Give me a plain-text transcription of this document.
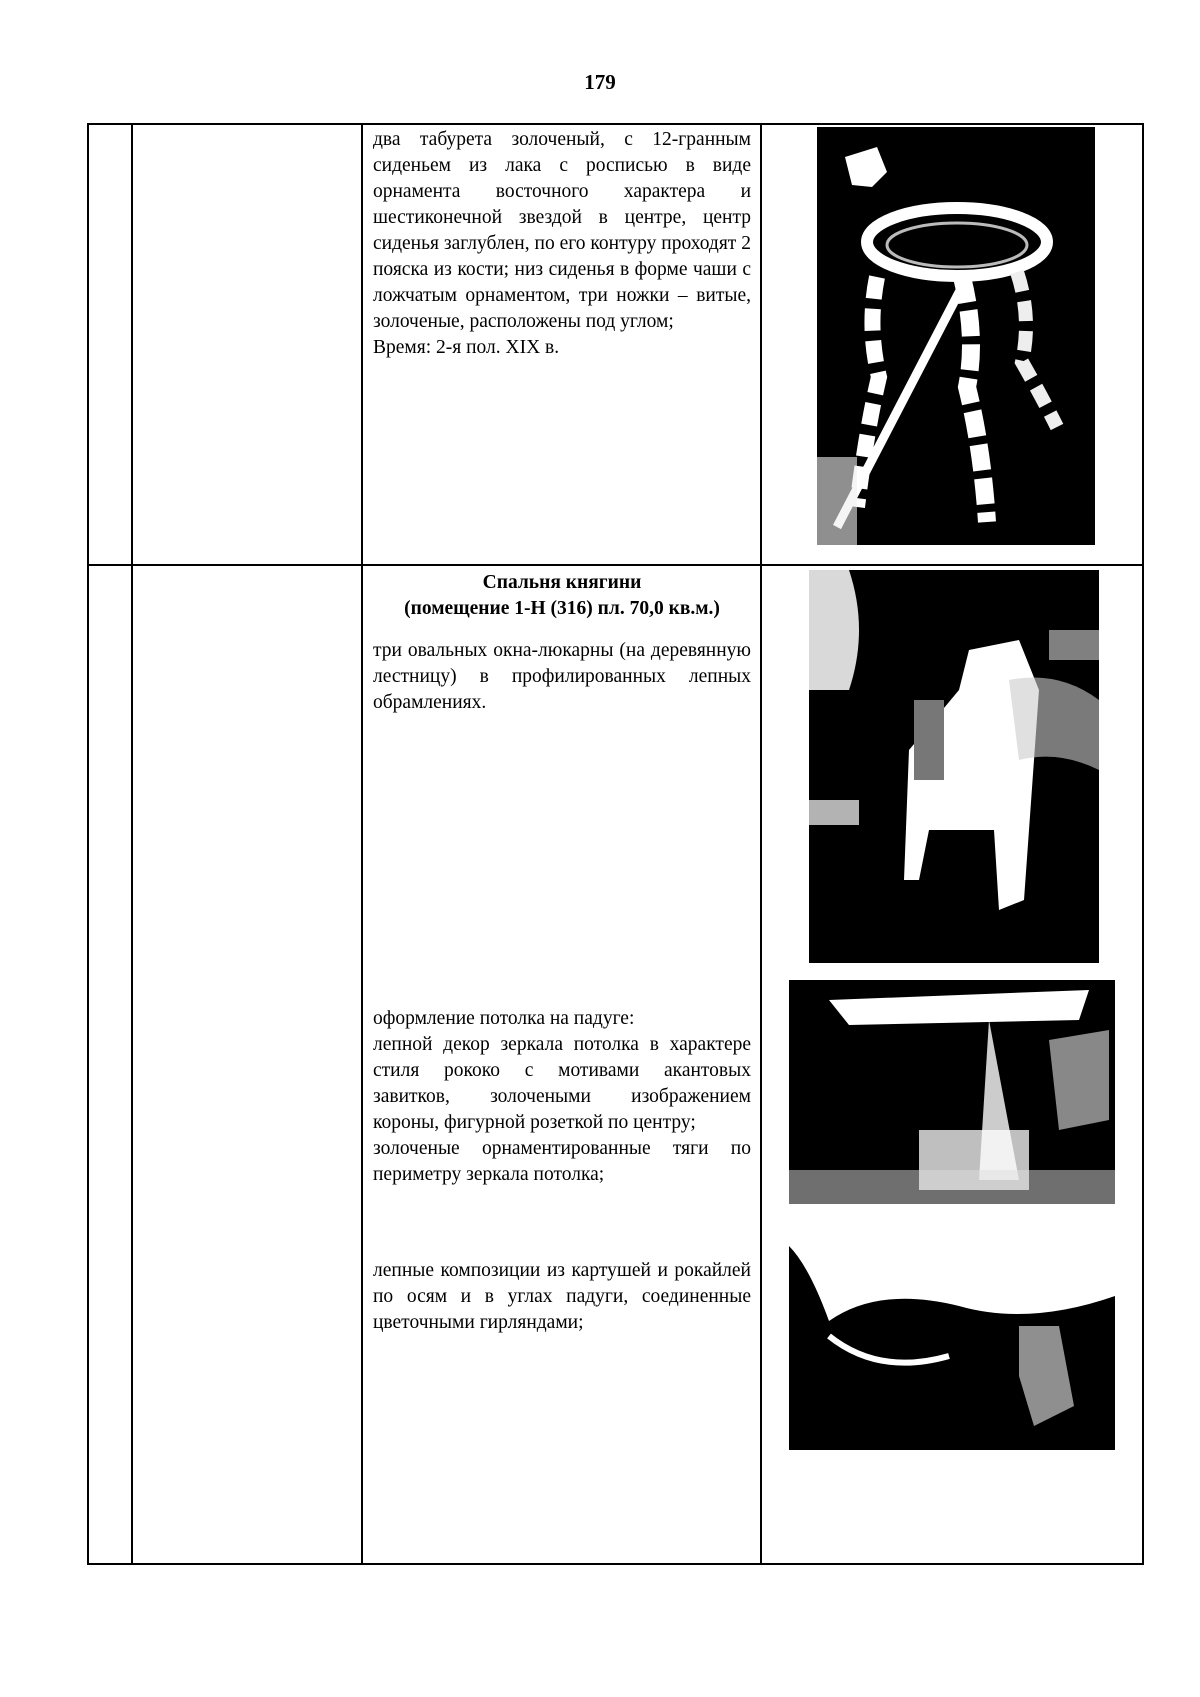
179

два табурета золоченый, с 12-гранным сиденьем из лака с росписью в виде орнамента восточного характера и шестиконечной звездой в центре, центр сиденья заглублен, по его контуру проходят 2 пояска из кости; низ сиденья в форме чаши с ложчатым орнаментом, три ножки – витые, золоченые, расположены под углом;

Время: 2-я пол. XIX в.

Спальня княгини
(помещение 1-Н (316) пл. 70,0 кв.м.)

три овальных окна-люкарны (на деревянную лестницу) в профилированных лепных обрамлениях.

оформление потолка на падуге:

лепной декор зеркала потолка в характере стиля рококо с мотивами акантовых завитков, золочеными изображением короны, фигурной розеткой по центру;

золоченые орнаментированные тяги по периметру зеркала потолка;

лепные композиции из картушей и рокайлей по осям и в углах падуги, соединенные цветочными гирляндами;
